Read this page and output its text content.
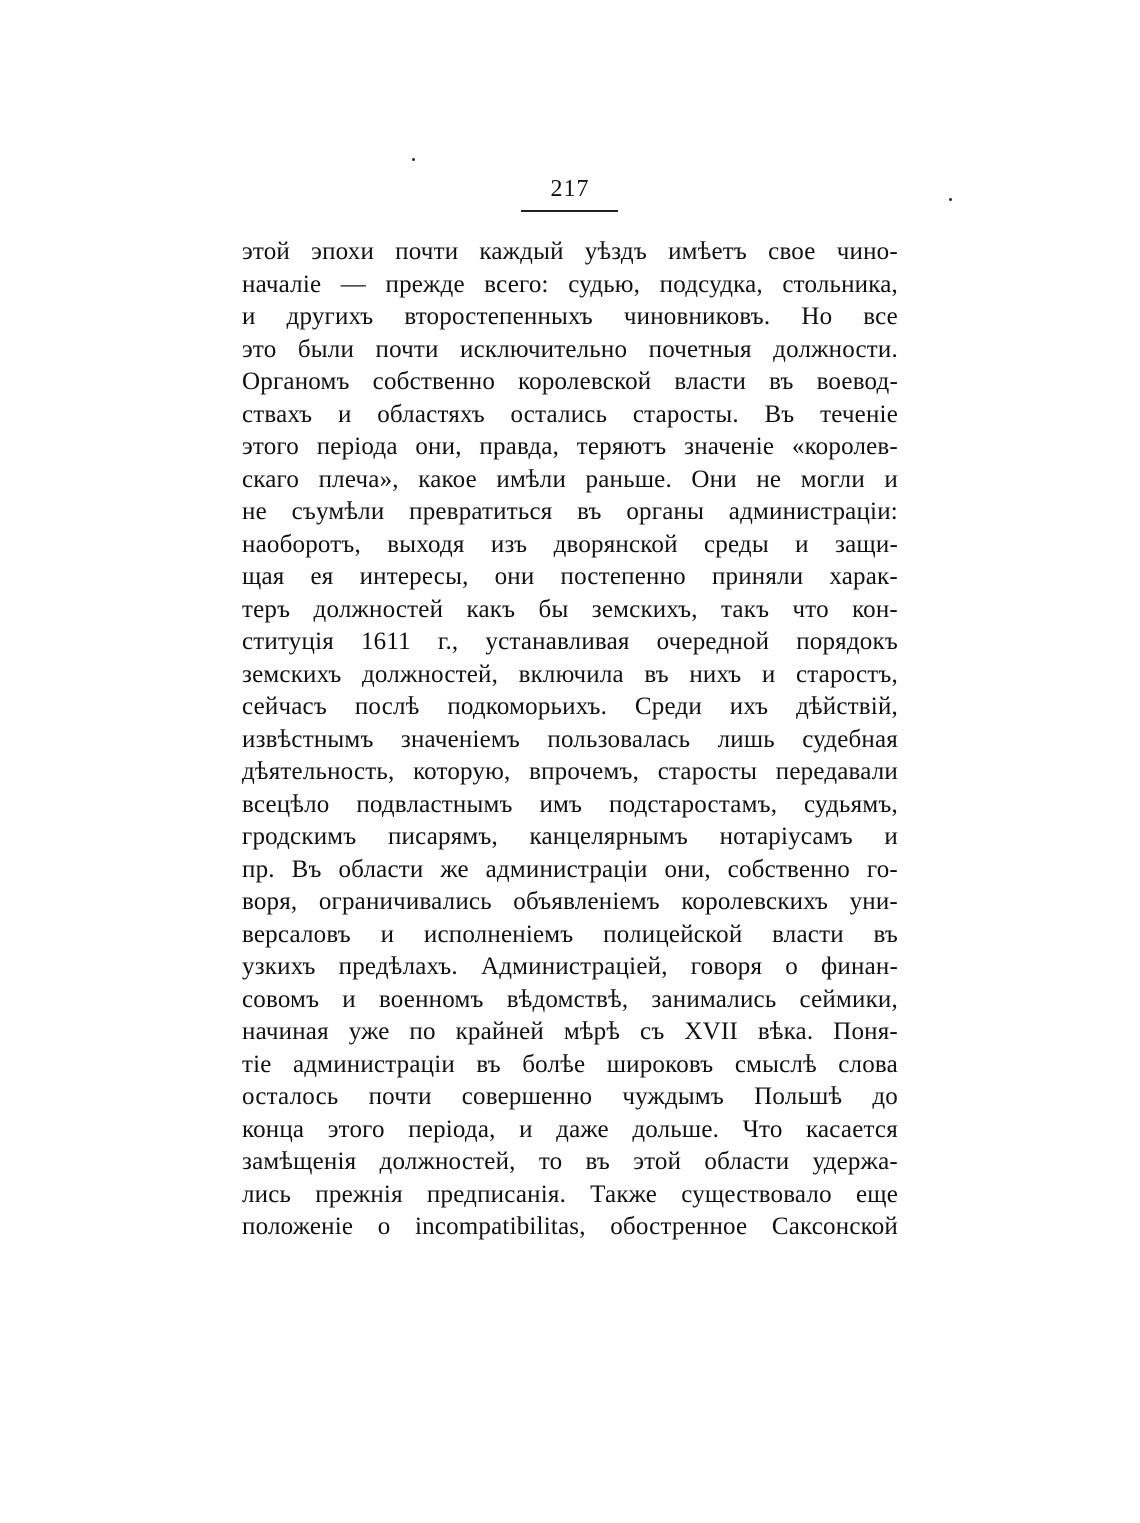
217
этой эпохи почти каждый уѣздъ имѣетъ свое чино-
началіе — прежде всего: судью, подсудка, стольника,
и другихъ второстепенныхъ чиновниковъ. Но все
это были почти исключительно почетныя должности.
Органомъ собственно королевской власти въ воевод-
ствахъ и областяхъ остались старосты. Въ теченіе
этого періода они, правда, теряютъ значеніе «королев-
скаго плеча», какое имѣли раньше. Они не могли и
не съумѣли превратиться въ органы администраціи:
наоборотъ, выходя изъ дворянской среды и защи-
щая ея интересы, они постепенно приняли харак-
теръ должностей какъ бы земскихъ, такъ что кон-
ституція 1611 г., устанавливая очередной порядокъ
земскихъ должностей, включила въ нихъ и старостъ,
сейчасъ послѣ подкоморьихъ. Среди ихъ дѣйствій,
извѣстнымъ значеніемъ пользовалась лишь судебная
дѣятельность, которую, впрочемъ, старосты передавали
всецѣло подвластнымъ имъ подстаростамъ, судьямъ,
гродскимъ писарямъ, канцелярнымъ нотаріусамъ и
пр. Въ области же администраціи они, собственно го-
воря, ограничивались объявленіемъ королевскихъ уни-
версаловъ и исполненіемъ полицейской власти въ
узкихъ предѣлахъ. Администраціей, говоря о финан-
совомъ и военномъ вѣдомствѣ, занимались сеймики,
начиная уже по крайней мѣрѣ съ XVII вѣка. Поня-
тіе администраціи въ болѣе широковъ смыслѣ слова
осталось почти совершенно чуждымъ Польшѣ до
конца этого періода, и даже дольше. Что касается
замѣщенія должностей, то въ этой области удержа-
лись прежнія предписанія. Также существовало еще
положеніе о incompatibilitas, обостренное Саксонской
